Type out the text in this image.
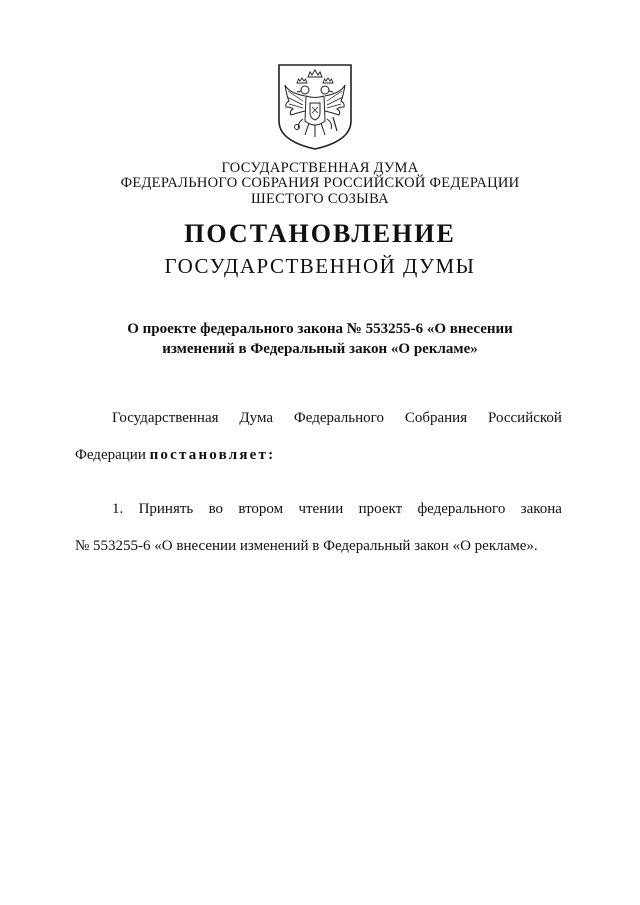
ГОСУДАРСТВЕННАЯ ДУМА
ФЕДЕРАЛЬНОГО СОБРАНИЯ РОССИЙСКОЙ ФЕДЕРАЦИИ
ШЕСТОГО СОЗЫВА
ПОСТАНОВЛЕНИЕ
ГОСУДАРСТВЕННОЙ ДУМЫ
О проекте федерального закона № 553255-6 «О внесении
изменений в Федеральный закон «О рекламе»
Государственная Дума Федерального Собрания Российской
Федерации постановляет:
1. Принять во втором чтении проект федерального закона
№ 553255-6 «О внесении изменений в Федеральный закон «О рекламе».
